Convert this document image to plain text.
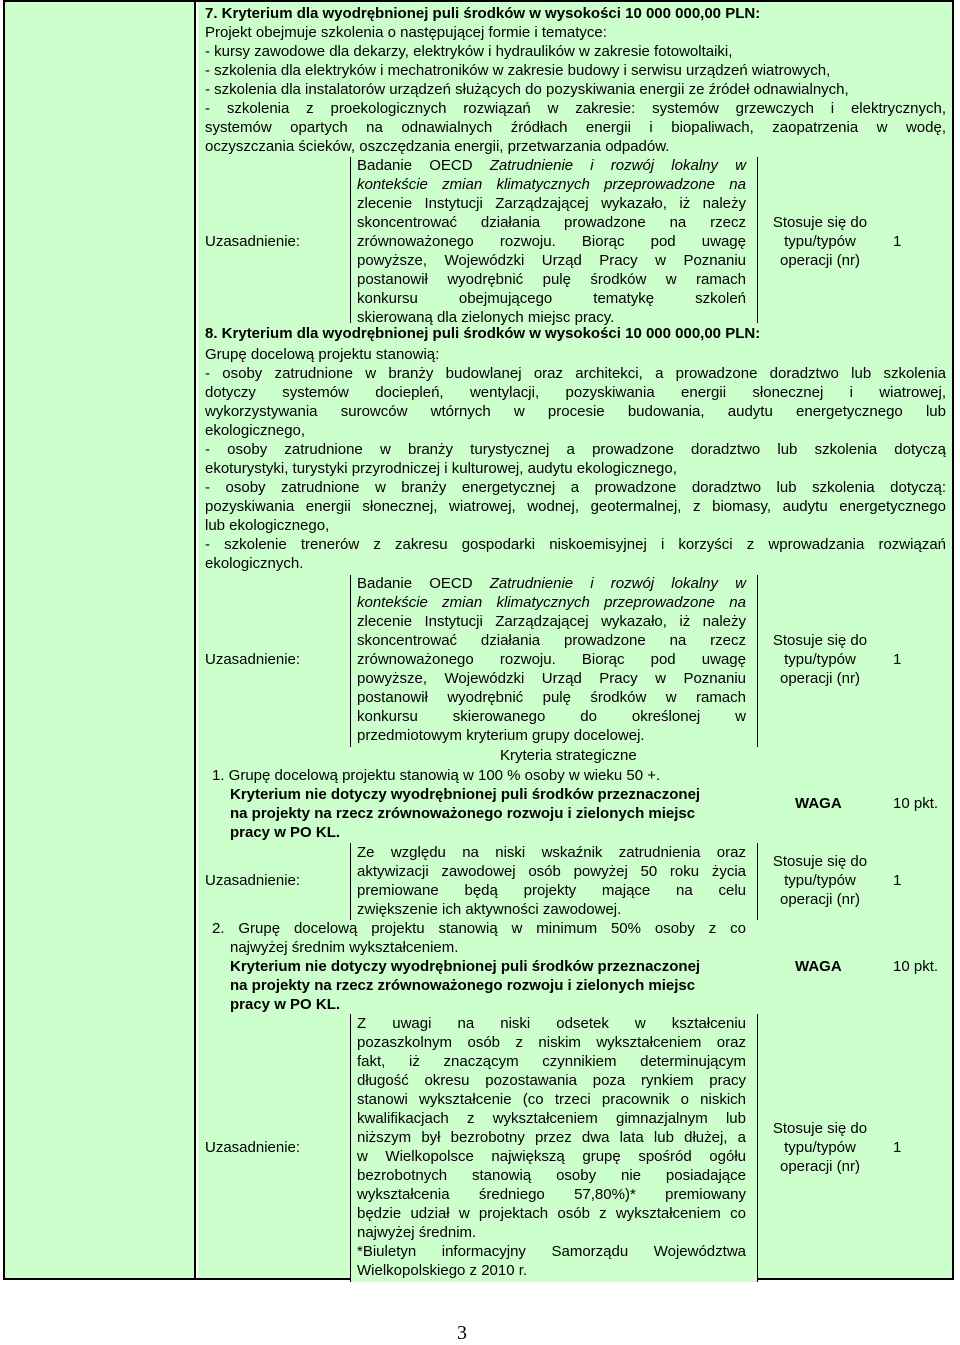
7. Kryterium dla wyodrębnionej puli środków w wysokości 10 000 000,00 PLN:
Projekt obejmuje szkolenia o następującej formie i tematyce:
- kursy zawodowe dla dekarzy, elektryków i hydraulików w zakresie fotowoltaiki,
- szkolenia dla elektryków i mechatroników w zakresie budowy i serwisu urządzeń wiatrowych,
- szkolenia dla instalatorów urządzeń służących do pozyskiwania energii ze źródeł odnawialnych,
- szkolenia z proekologicznych rozwiązań w zakresie: systemów grzewczych i elektrycznych,
systemów opartych na odnawialnych źródłach energii i biopaliwach, zaopatrzenia w wodę,
oczyszczania ścieków, oszczędzania energii, przetwarzania odpadów.
Uzasadnienie:
Badanie OECD Zatrudnienie i rozwój lokalny w
kontekście zmian klimatycznych przeprowadzone na
zlecenie Instytucji Zarządzającej wykazało, iż należy
skoncentrować działania prowadzone na rzecz
zrównoważonego rozwoju. Biorąc pod uwagę
powyższe, Wojewódzki Urząd Pracy w Poznaniu
postanowił wyodrębnić pulę środków w ramach
konkursu obejmującego tematykę szkoleń
skierowaną dla zielonych miejsc pracy.
Stosuje się do
typu/typów
operacji (nr)
1
8. Kryterium dla wyodrębnionej puli środków w wysokości 10 000 000,00 PLN:
Grupę docelową projektu stanowią:
- osoby zatrudnione w branży budowlanej oraz architekci, a prowadzone doradztwo lub szkolenia
dotyczy systemów dociepleń, wentylacji, pozyskiwania energii słonecznej i wiatrowej,
wykorzystywania surowców wtórnych w procesie budowania, audytu energetycznego lub
ekologicznego,
- osoby zatrudnione w branży turystycznej a prowadzone doradztwo lub szkolenia dotyczą
ekoturystyki, turystyki przyrodniczej i kulturowej, audytu ekologicznego,
- osoby zatrudnione w branży energetycznej a prowadzone doradztwo lub szkolenia dotyczą:
pozyskiwania energii słonecznej, wiatrowej, wodnej, geotermalnej, z biomasy, audytu energetycznego
lub ekologicznego,
- szkolenie trenerów z zakresu gospodarki niskoemisyjnej i korzyści z wprowadzania rozwiązań
ekologicznych.
Uzasadnienie:
Badanie OECD Zatrudnienie i rozwój lokalny w
kontekście zmian klimatycznych przeprowadzone na
zlecenie Instytucji Zarządzającej wykazało, iż należy
skoncentrować działania prowadzone na rzecz
zrównoważonego rozwoju. Biorąc pod uwagę
powyższe, Wojewódzki Urząd Pracy w Poznaniu
postanowił wyodrębnić pulę środków w ramach
konkursu skierowanego do określonej w
przedmiotowym kryterium grupy docelowej.
Stosuje się do
typu/typów
operacji (nr)
1
Kryteria strategiczne
1. Grupę docelową projektu stanowią w 100 % osoby w wieku 50 +.
Kryterium nie dotyczy wyodrębnionej puli środków przeznaczonej
na projekty na rzecz zrównoważonego rozwoju i zielonych miejsc
pracy w PO KL.
WAGA	10 pkt.
Uzasadnienie:
Ze względu na niski wskaźnik zatrudnienia oraz
aktywizacji zawodowej osób powyżej 50 roku życia
premiowane będą projekty mające na celu
zwiększenie ich aktywności zawodowej.
Stosuje się do
typu/typów
operacji (nr)
1
2. Grupę docelową projektu stanowią w minimum 50% osoby z co
najwyżej średnim wykształceniem.
Kryterium nie dotyczy wyodrębnionej puli środków przeznaczonej
na projekty na rzecz zrównoważonego rozwoju i zielonych miejsc
pracy w PO KL.
WAGA	10 pkt.
Uzasadnienie:
Z uwagi na niski odsetek w kształceniu
pozaszkolnym osób z niskim wykształceniem oraz
fakt, iż znaczącym czynnikiem determinującym
długość okresu pozostawania poza rynkiem pracy
stanowi wykształcenie (co trzeci pracownik o niskich
kwalifikacjach z wykształceniem gimnazjalnym lub
niższym był bezrobotny przez dwa lata lub dłużej, a
w Wielkopolsce największą grupę spośród ogółu
bezrobotnych stanowią osoby nie posiadające
wykształcenia średniego 57,80%)* premiowany
będzie udział w projektach osób z wykształceniem co
najwyżej średnim.
*Biuletyn informacyjny Samorządu Województwa
Wielkopolskiego z 2010 r.
Stosuje się do
typu/typów
operacji (nr)
1
3
